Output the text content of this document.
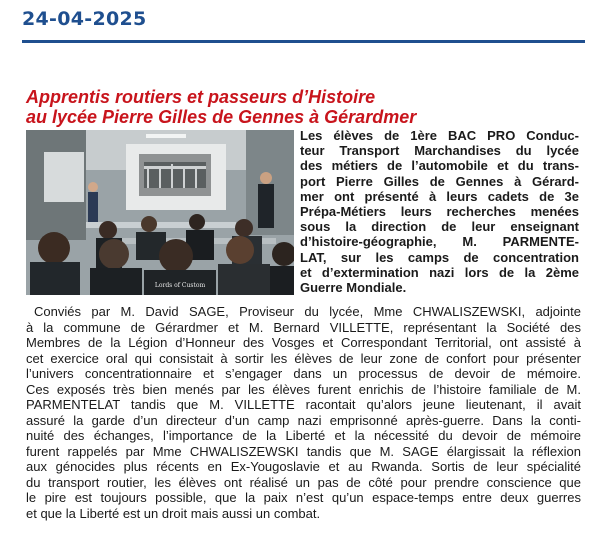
24-04-2025
Apprentis routiers et passeurs d’Histoire
au lycée Pierre Gilles de Gennes à Gérardmer
Lords of Custom
Les élèves de 1ère BAC PRO Conduc-
teur Transport Marchandises du lycée
des métiers de l’automobile et du trans-
port Pierre Gilles de Gennes à Gérard-
mer ont présenté à leurs cadets de 3e
Prépa-Métiers leurs recherches menées
sous la direction de leur enseignant
d’histoire-géographie, M. PARMENTE-
LAT, sur les camps de concentration
et d’extermination nazi lors de la 2ème
Guerre Mondiale.
Conviés par M. David SAGE, Proviseur du lycée, Mme CHWALISZEWSKI, adjointe
à la commune de Gérardmer et M. Bernard VILLETTE, représentant la Société des
Membres de la Légion d’Honneur des Vosges et Correspondant Territorial, ont assisté à
cet exercice oral qui consistait à sortir les élèves de leur zone de confort pour présenter
l’univers concentrationnaire et s’engager dans un processus de devoir de mémoire.
Ces exposés très bien menés par les élèves furent enrichis de l’histoire familiale de M.
PARMENTELAT tandis que M. VILLETTE racontait qu’alors jeune lieutenant, il avait
assuré la garde d’un directeur d’un camp nazi emprisonné après-guerre. Dans la conti-
nuité des échanges, l’importance de la Liberté et la nécessité du devoir de mémoire
furent rappelés par Mme CHWALISZEWSKI tandis que M. SAGE élargissait la réflexion
aux génocides plus récents en Ex-Yougoslavie et au Rwanda. Sortis de leur spécialité
du transport routier, les élèves ont réalisé un pas de côté pour prendre conscience que
le pire est toujours possible, que la paix n’est qu’un espace-temps entre deux guerres
et que la Liberté est un droit mais aussi un combat.
